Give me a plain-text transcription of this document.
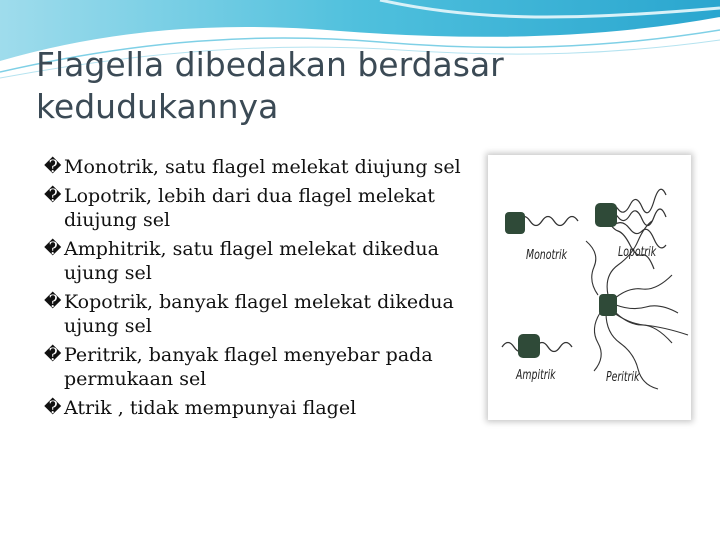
Flagella dibedakan berdasar
kedudukannya
� Monotrik, satu flagel melekat diujung sel
� Lopotrik, lebih dari dua flagel melekat diujung sel
� Amphitrik, satu flagel melekat dikedua ujung sel
� Kopotrik, banyak flagel melekat dikedua ujung sel
� Peritrik, banyak flagel menyebar pada permukaan sel
� Atrik , tidak mempunyai flagel
Monotrik	Lopotrik
Ampitrik	Peritrik
